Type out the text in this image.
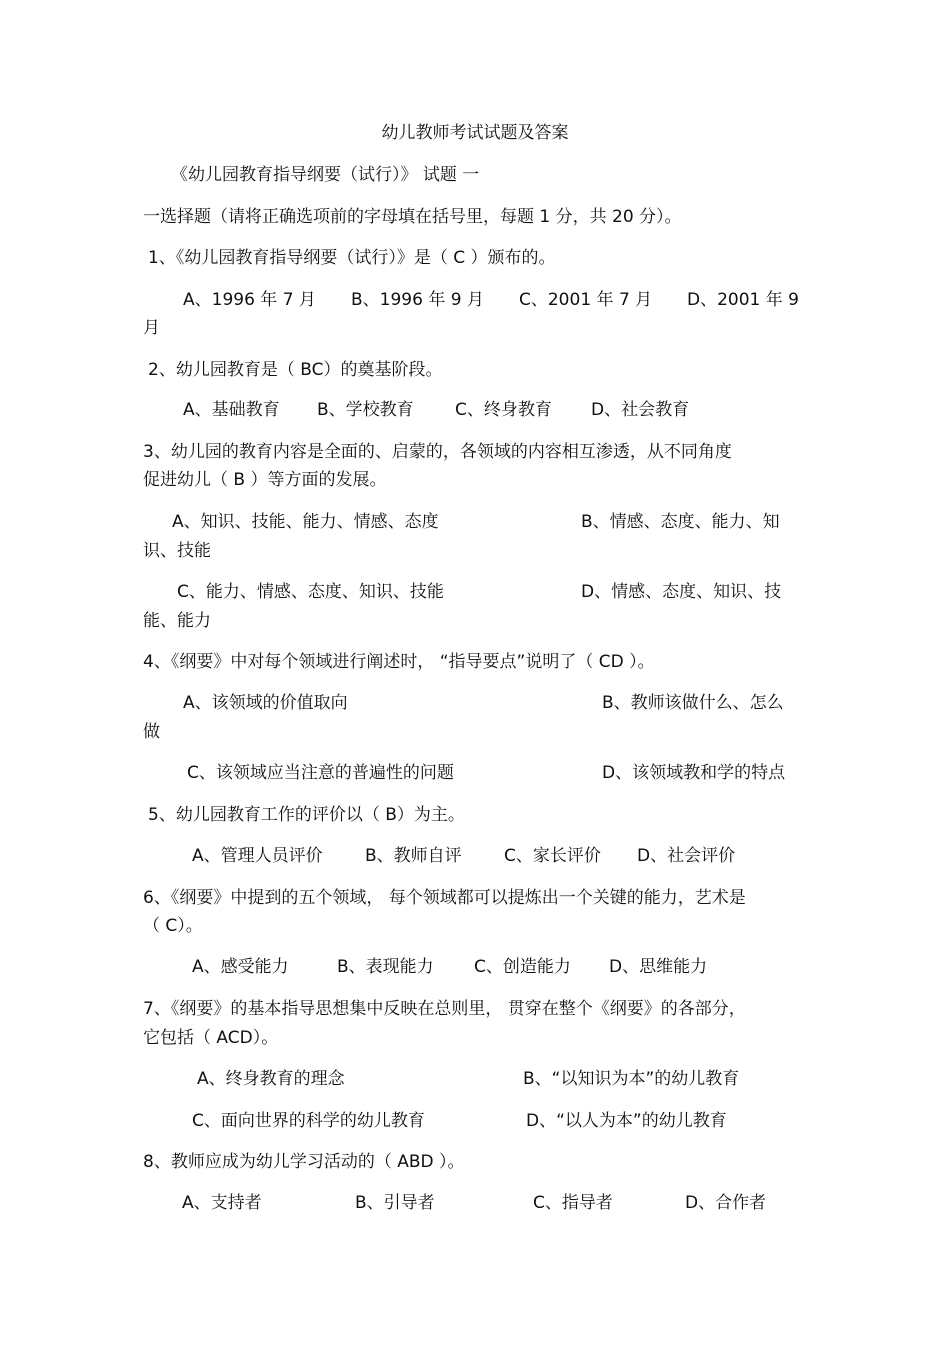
幼儿教师考试试题及答案
《幼儿园教育指导纲要（试行）》 试题 一
一选择题（请将正确选项前的字母填在括号里，每题 1 分，共 20 分）。
1、《幼儿园教育指导纲要（试行）》是（ C ）颁布的。
A、1996 年 7 月 B、1996 年 9 月 C、2001 年 7 月 D、2001 年 9
月
2、幼儿园教育是（ BC）的奠基阶段。
A、基础教育 B、学校教育 C、终身教育 D、社会教育
3、幼儿园的教育内容是全面的、启蒙的，各领域的内容相互渗透，从不同角度
促进幼儿（ B ）等方面的发展。
A、知识、技能、能力、情感、态度	B、情感、态度、能力、知
识、技能
C、能力、情感、态度、知识、技能	D、情感、态度、知识、技
能、能力
4、《纲要》中对每个领域进行阐述时， “指导要点”说明了（ CD ）。
A、该领域的价值取向	B、教师该做什么、怎么
做
C、该领域应当注意的普遍性的问题	D、该领域教和学的特点
5、幼儿园教育工作的评价以（ B）为主。
A、管理人员评价 B、教师自评 C、家长评价 D、社会评价
6、《纲要》中提到的五个领域， 每个领域都可以提炼出一个关键的能力，艺术是
（ C）。
A、感受能力	B、表现能力 C、创造能力 D、思维能力
7、《纲要》的基本指导思想集中反映在总则里， 贯穿在整个《纲要》的各部分，
它包括（ ACD）。
A、终身教育的理念	B、“以知识为本”的幼儿教育
C、面向世界的科学的幼儿教育	D、“以人为本”的幼儿教育
8、教师应成为幼儿学习活动的（ ABD ）。
A、支持者	B、引导者	C、指导者	D、合作者
